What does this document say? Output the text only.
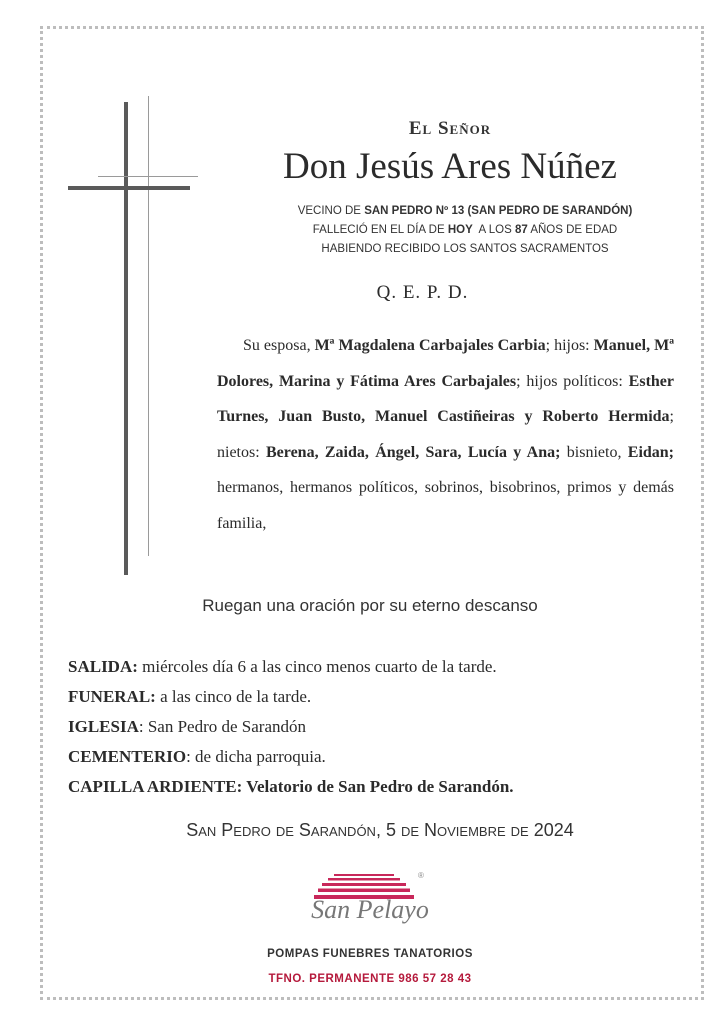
El Señor
Don Jesús Ares Núñez
VECINO DE SAN PEDRO Nº 13 (SAN PEDRO DE SARANDÓN)
FALLECIÓ EN EL DÍA DE HOY  A LOS 87 AÑOS DE EDAD
HABIENDO RECIBIDO LOS SANTOS SACRAMENTOS
Q. E. P. D.
Su esposa, Mª Magdalena Carbajales Carbia; hijos: Manuel, Mª Dolores, Marina y Fátima Ares Carbajales; hijos políticos: Esther Turnes, Juan Busto, Manuel Castiñeiras y Roberto Hermida; nietos: Berena, Zaida, Ángel, Sara, Lucía y Ana; bisnieto, Eidan; hermanos, hermanos políticos, sobrinos, bisobrinos, primos y demás familia,
Ruegan una oración por su eterno descanso
SALIDA: miércoles día 6 a las cinco menos cuarto de la tarde.
FUNERAL: a las cinco de la tarde.
IGLESIA: San Pedro de Sarandón
CEMENTERIO: de dicha parroquia.
CAPILLA ARDIENTE: Velatorio de San Pedro de Sarandón.
San Pedro de Sarandón, 5 de Noviembre de 2024
San Pelayo
®
POMPAS FUNEBRES TANATORIOS
TFNO. PERMANENTE 986 57 28 43
